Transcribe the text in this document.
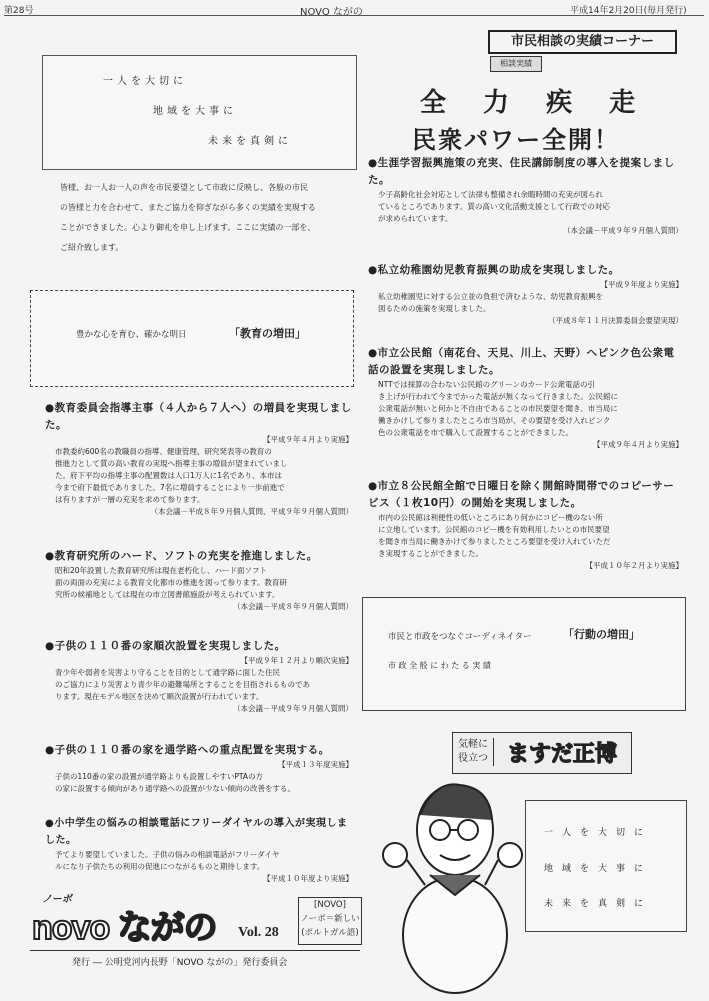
第28号	NOVO ながの	平成14年2月20日(毎月発行)
一人を大切に
地域を大事に
未来を真剣に
市民相談の実績コーナー
相談実績
全 力 疾 走
民衆パワー全開！
皆様、お一人お一人の声を市民要望として市政に反映し、各般の市民
の皆様と力を合わせて、またご協力を仰ぎながら多くの実績を実現する
ことができました。心より御礼を申し上げます。ここに実績の一部を、
ご紹介致します。
豊かな心を育む、確かな明日	「教育の増田」
●教育委員会指導主事（４人から７人へ）の増員を実現しました。
【平成９年４月より実施】
市教委約600名の教職員の指導、健康管理、研究発表等の教育の
推進力として質の高い教育の実現へ指導主事の増員が望まれていまし
た。府下平均の指導主事の配置数は人口1万人に1名であり、本市は
今まで府下最低でありました。7名に増員することにより一歩前進で
は有りますが一層の充実を求めて参ります。
（本会議－平成８年９月個人質問、平成９年９月個人質問）
●教育研究所のハード、ソフトの充実を推進しました。
昭和20年設置した教育研究所は現在老朽化し、ハード面ソフト
面の両面の充実による教育文化都市の推進を図って参ります。教育研
究所の候補地としては現在の市立図書館施設が考えられています。
（本会議－平成８年９月個人質問）
●子供の１１０番の家順次設置を実現しました。
【平成９年１２月より順次実施】
青少年や弱者を災害より守ることを目的として通学路に面した住民
のご協力により災害より青少年の避難場所とすることを目指されるものであ
ります。現在モデル地区を決めて順次設置が行われています。
（本会議－平成９年９月個人質問）
●子供の１１０番の家を通学路への重点配置を実現する。
【平成１３年度実施】
子供の110番の家の設置が通学路よりも設置しやすいPTAの方
の家に設置する傾向があり通学路への設置が少ない傾向の改善をする。
●小中学生の悩みの相談電話にフリーダイヤルの導入が実現しました。
予てより要望していました。子供の悩みの相談電話がフリーダイヤ
ルになり子供たちの利用の促進につながるものと期待します。
【平成１０年度より実施】
●生涯学習振興施策の充実、住民講師制度の導入を提案しました。
少子高齢化社会対応として法律も整備され余暇時間の充実が図られ
ているところであります。質の高い文化活動支援として行政での対応
が求められています。
（本会議－平成９年９月個人質問）
●私立幼稚園幼児教育振興の助成を実現しました。
【平成９年度より実施】
私立幼稚園児に対する公立並の負担で済むような、幼児教育振興を
図るための施策を実現しました。
（平成８年１１月決算委員会要望実現）
●市立公民館（南花台、天見、川上、天野）へピンク色公衆電話の設置を実現しました。
NTTでは採算の合わない公民館のグリーンのカード公衆電話の引
き上げが行われて今までかった電話が無くなって行きました。公民館に
公衆電話が無いと何かと不自由であることの市民要望を聞き、市当局に
働きかけして参りましたところ市当局が、その要望を受け入れピンク
色の公衆電話を市で購入して設置することができました。
【平成９年４月より実施】
●市立８公民館全館で日曜日を除く開館時間帯でのコピーサービス（１枚10円）の開始を実現しました。
市内の公民館は利便性の低いところにあり何かにコピー機のない所
に立地しています。公民館のコピー機を有効利用したいとの市民要望
を聞き市当局に働きかけて参りましたところ要望を受け入れていただ
き実現することができました。
【平成１０年２月より実施】
市民と市政をつなぐコーディネイター	「行動の増田」
市 政 全 般 に わ た る 実 績
気軽に
役立つ ますだ正博
一人を大切に
地域を大事に
未来を真剣に
ノーボ
novo ながの Vol. 28
[NOVO]
ノーボ＝新しい
(ポルトガル語)
発行 ― 公明党河内長野「NOVO ながの」発行委員会
